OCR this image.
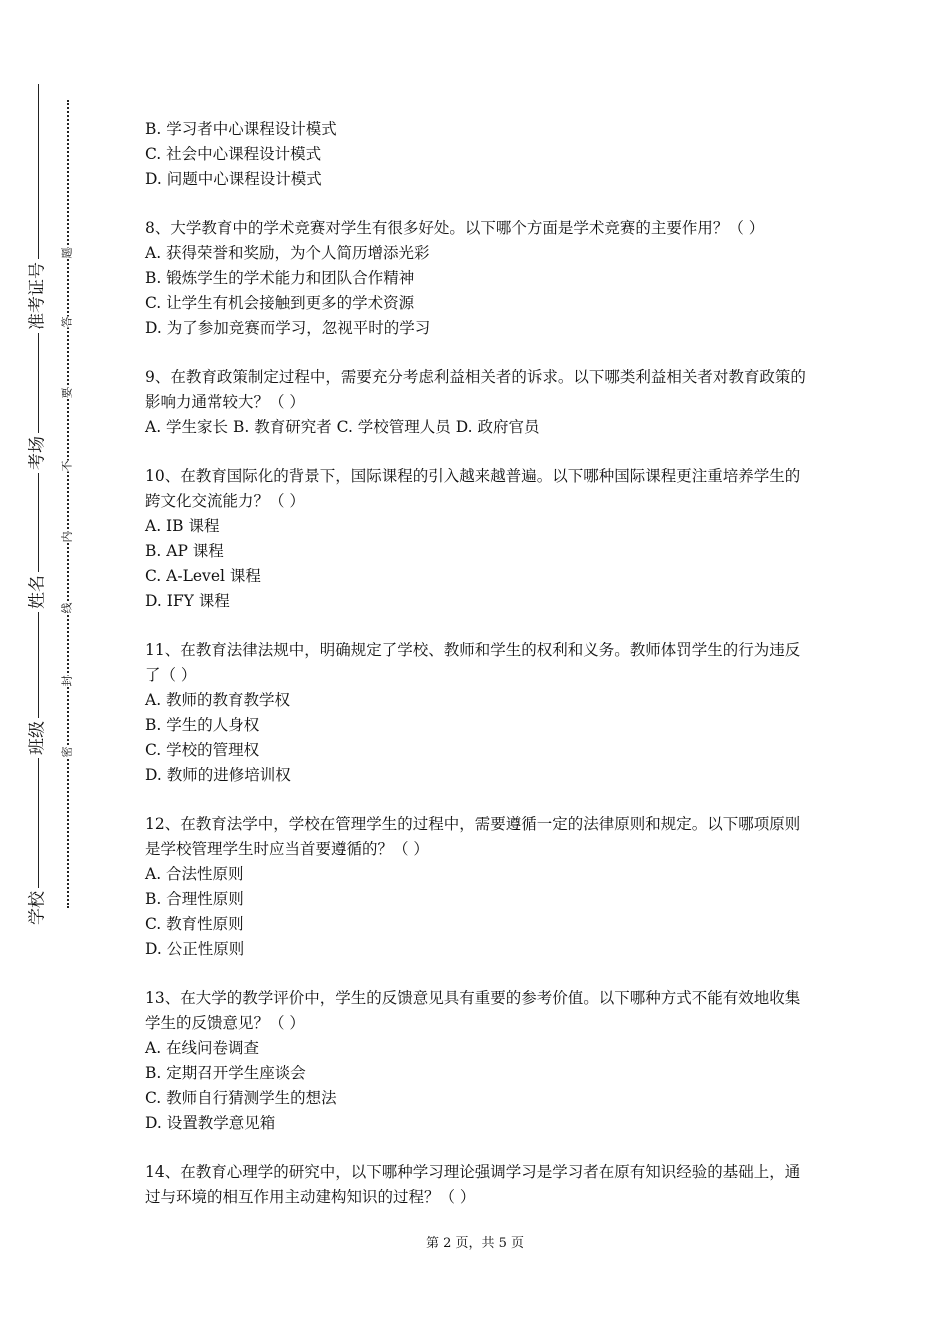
准考证号
考场
姓名
班级
学校
题
答
要
不
内
线
封
密

B. 学习者中心课程设计模式

C. 社会中心课程设计模式

D. 问题中心课程设计模式

8、大学教育中的学术竞赛对学生有很多好处。以下哪个方面是学术竞赛的主要作用？（ ）

A. 获得荣誉和奖励，为个人简历增添光彩

B. 锻炼学生的学术能力和团队合作精神

C. 让学生有机会接触到更多的学术资源

D. 为了参加竞赛而学习，忽视平时的学习

9、在教育政策制定过程中，需要充分考虑利益相关者的诉求。以下哪类利益相关者对教育政策的影响力通常较大？（ ）

A. 学生家长 B. 教育研究者 C. 学校管理人员 D. 政府官员

10、在教育国际化的背景下，国际课程的引入越来越普遍。以下哪种国际课程更注重培养学生的跨文化交流能力？（ ）

A. IB 课程

B. AP 课程

C. A-Level 课程

D. IFY 课程

11、在教育法律法规中，明确规定了学校、教师和学生的权利和义务。教师体罚学生的行为违反了（ ）

A. 教师的教育教学权

B. 学生的人身权

C. 学校的管理权

D. 教师的进修培训权

12、在教育法学中，学校在管理学生的过程中，需要遵循一定的法律原则和规定。以下哪项原则是学校管理学生时应当首要遵循的？（ ）

A. 合法性原则

B. 合理性原则

C. 教育性原则

D. 公正性原则

13、在大学的教学评价中，学生的反馈意见具有重要的参考价值。以下哪种方式不能有效地收集学生的反馈意见？（ ）

A. 在线问卷调查

B. 定期召开学生座谈会

C. 教师自行猜测学生的想法

D. 设置教学意见箱

14、在教育心理学的研究中，以下哪种学习理论强调学习是学习者在原有知识经验的基础上，通过与环境的相互作用主动建构知识的过程？（ ）

第 2 页，共 5 页
